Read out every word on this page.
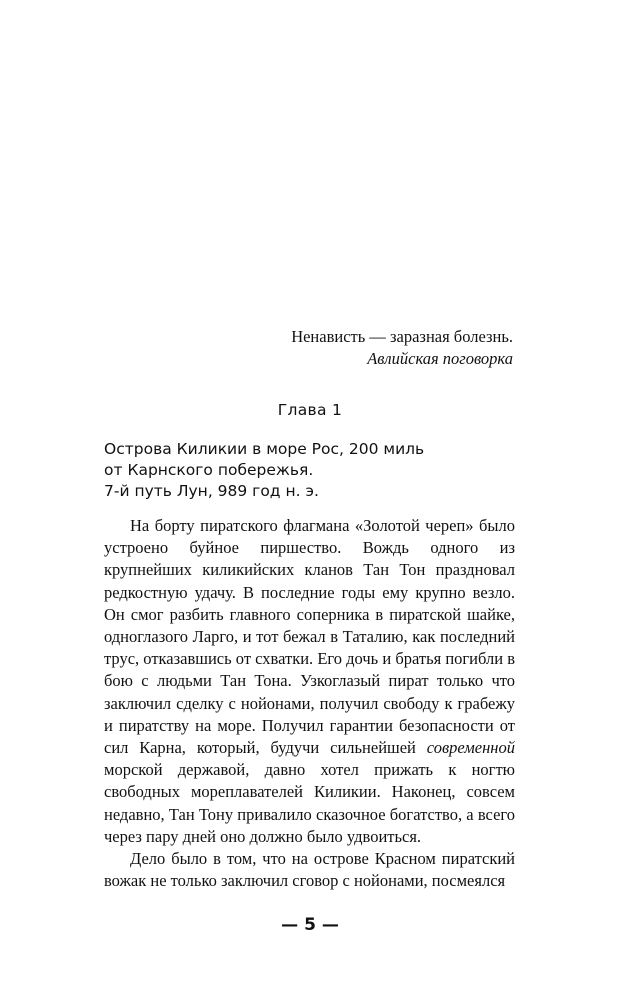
Ненависть — заразная болезнь.
Авлийская поговорка
Глава 1
Острова Киликии в море Рос, 200 миль
от Карнского побережья.
7-й путь Лун, 989 год н. э.

На борту пиратского флагмана «Золотой череп» было устроено буйное пиршество. Вождь одного из крупнейших киликийских кланов Тан Тон праздновал редкостную удачу. В последние годы ему крупно везло. Он смог разбить главного соперника в пиратской шайке, одноглазого Ларго, и тот бежал в Таталию, как последний трус, отказавшись от схватки. Его дочь и братья погибли в бою с людьми Тан Тона. Узкоглазый пират только что заключил сделку с нойонами, получил свободу к грабежу и пиратству на море. Получил гарантии безопасности от сил Карна, который, будучи сильнейшей современной морской державой, давно хотел прижать к ногтю свободных мореплавателей Киликии. Наконец, совсем недавно, Тан Тону привалило сказочное богатство, а всего через пару дней оно должно было удвоиться.

Дело было в том, что на острове Красном пиратский вожак не только заключил сговор с нойонами, посмеялся

— 5 —
